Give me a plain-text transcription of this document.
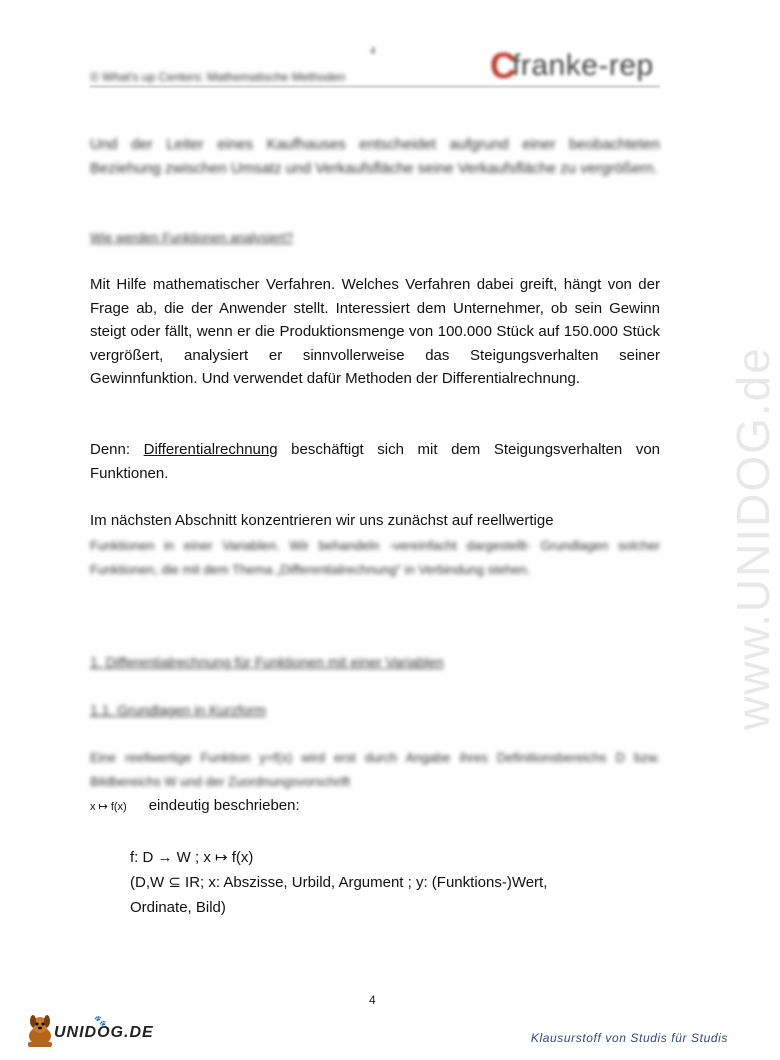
4
© What's up Centers: Mathematische Methoden	C
franke-rep
www.UNIDOG.de

Und der Leiter eines Kaufhauses entscheidet aufgrund einer beobachteten Beziehung zwischen Umsatz und Verkaufsfläche seine Verkaufsfläche zu vergrößern.

Wie werden Funktionen analysiert?

Mit Hilfe mathematischer Verfahren. Welches Verfahren dabei greift, hängt von der Frage ab, die der Anwender stellt. Interessiert dem Unternehmer, ob sein Gewinn steigt oder fällt, wenn er die Produktionsmenge von 100.000 Stück auf 150.000 Stück vergrößert, analysiert er sinnvollerweise das Steigungsverhalten seiner Gewinnfunktion. Und verwendet dafür Methoden der Differentialrechnung.

Denn: Differentialrechnung beschäftigt sich mit dem Steigungsverhalten von Funktionen.

Im nächsten Abschnitt konzentrieren wir uns zunächst auf reellwertige

Funktionen in einer Variablen. Wir behandeln -vereinfacht dargestellt- Grundlagen solcher Funktionen, die mit dem Thema „Differentialrechnung“ in Verbindung stehen.

1. Differentialrechnung für Funktionen mit einer Variablen
1.1. Grundlagen in Kurzform

Eine reellwertige Funktion y=f(x) wird erst durch Angabe ihres Definitionsbereichs D bzw. Bildbereichs W und der Zuordnungsvorschrift

x ↦ f(x) eindeutig beschrieben:
f: D → W ; x ↦ f(x)
(D,W ⊆ IR; x: Abszisse, Urbild, Argument ; y: (Funktions-)Wert,
Ordinate, Bild)
4
🐾
UNIDOG.DE	Klausurstoff von Studis für Studis
